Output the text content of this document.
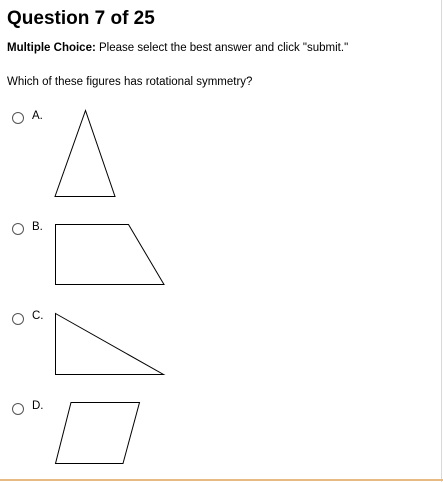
Question 7 of 25
Multiple Choice: Please select the best answer and click "submit."
Which of these figures has rotational symmetry?
A.
B.
C.
D.
